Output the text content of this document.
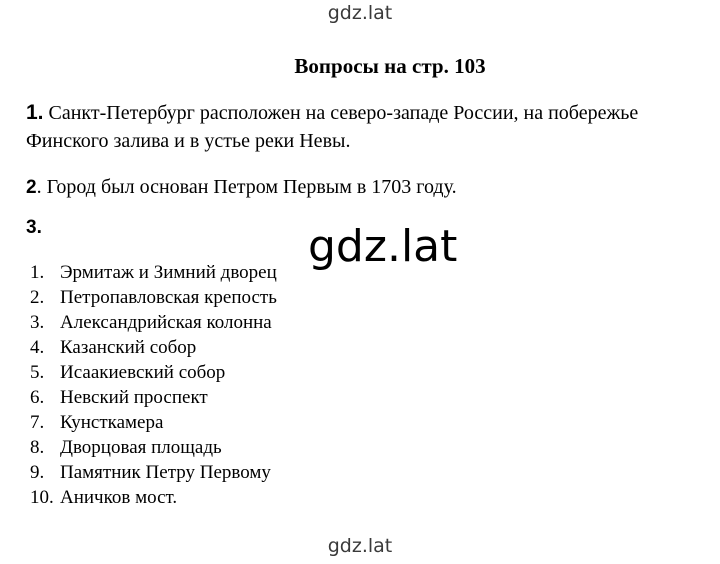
gdz.lat
Вопросы на стр. 103
1. Санкт-Петербург расположен на северо-западе России, на побережье Финского залива и в устье реки Невы.
2. Город был основан Петром Первым в 1703 году.
3.
1.Эрмитаж и Зимний дворец
2. Петропавловская крепость
3. Александрийская колонна
4. Казанский собор
5. Исаакиевский собор
6. Невский проспект
7. Кунсткамера
8. Дворцовая площадь
9. Памятник Петру Первому
10. Аничков мост.
gdz.lat
gdz.lat
